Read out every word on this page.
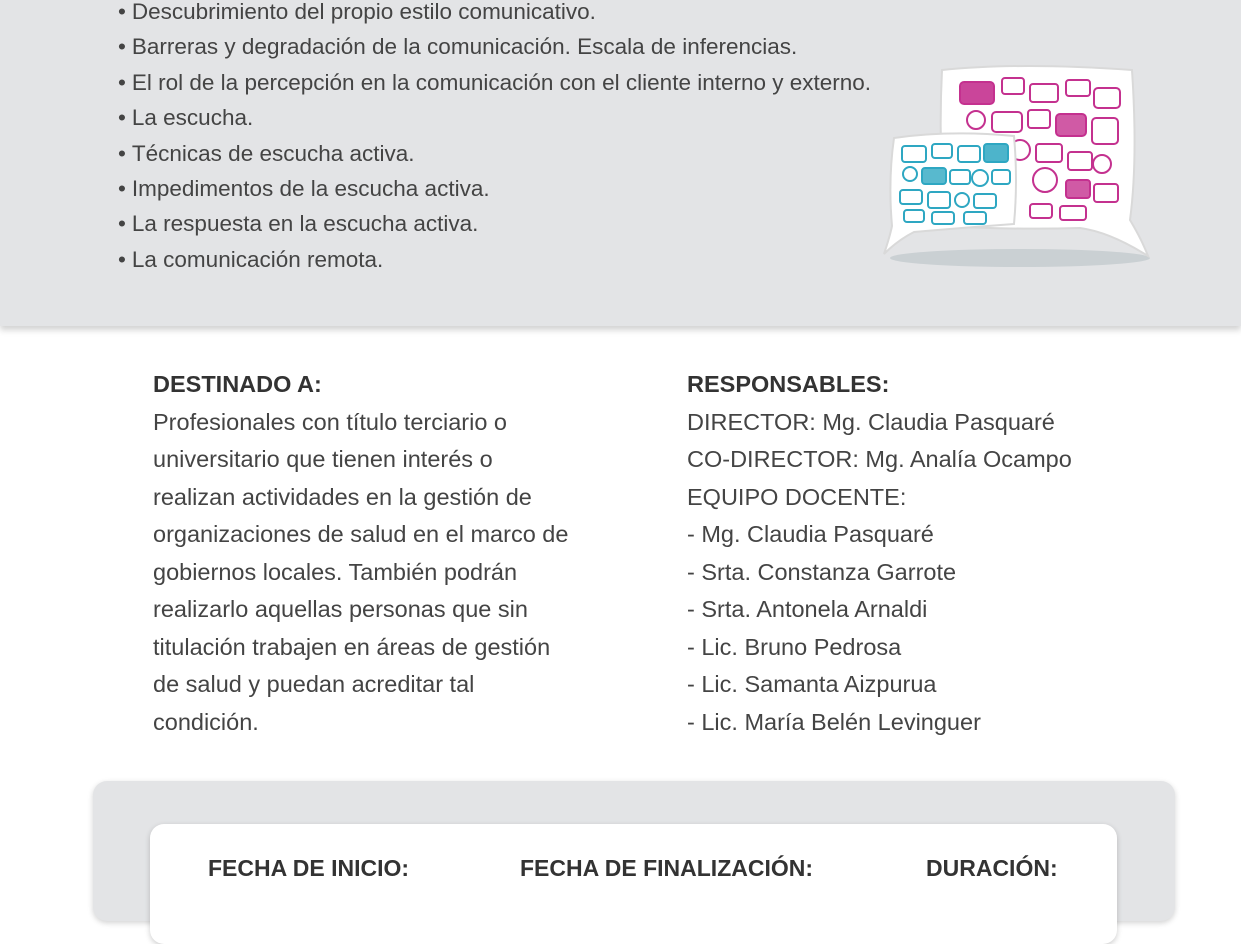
• Descubrimiento del propio estilo comunicativo.
• Barreras y degradación de la comunicación. Escala de inferencias.
• El rol de la percepción en la comunicación con el cliente interno y externo.
• La escucha.
• Técnicas de escucha activa.
• Impedimentos de la escucha activa.
• La respuesta en la escucha activa.
• La comunicación remota.
DESTINADO A:
Profesionales con título terciario o
universitario que tienen interés o
realizan actividades en la gestión de
organizaciones de salud en el marco de
gobiernos locales. También podrán
realizarlo aquellas personas que sin
titulación trabajen en áreas de gestión
de salud y puedan acreditar tal
condición.
RESPONSABLES:
DIRECTOR: Mg. Claudia Pasquaré
CO-DIRECTOR: Mg. Analía Ocampo
EQUIPO DOCENTE:
- Mg. Claudia Pasquaré
- Srta. Constanza Garrote
- Srta. Antonela Arnaldi
- Lic. Bruno Pedrosa
- Lic. Samanta Aizpurua
- Lic. María Belén Levinguer
FECHA DE INICIO:	FECHA DE FINALIZACIÓN:	DURACIÓN:
